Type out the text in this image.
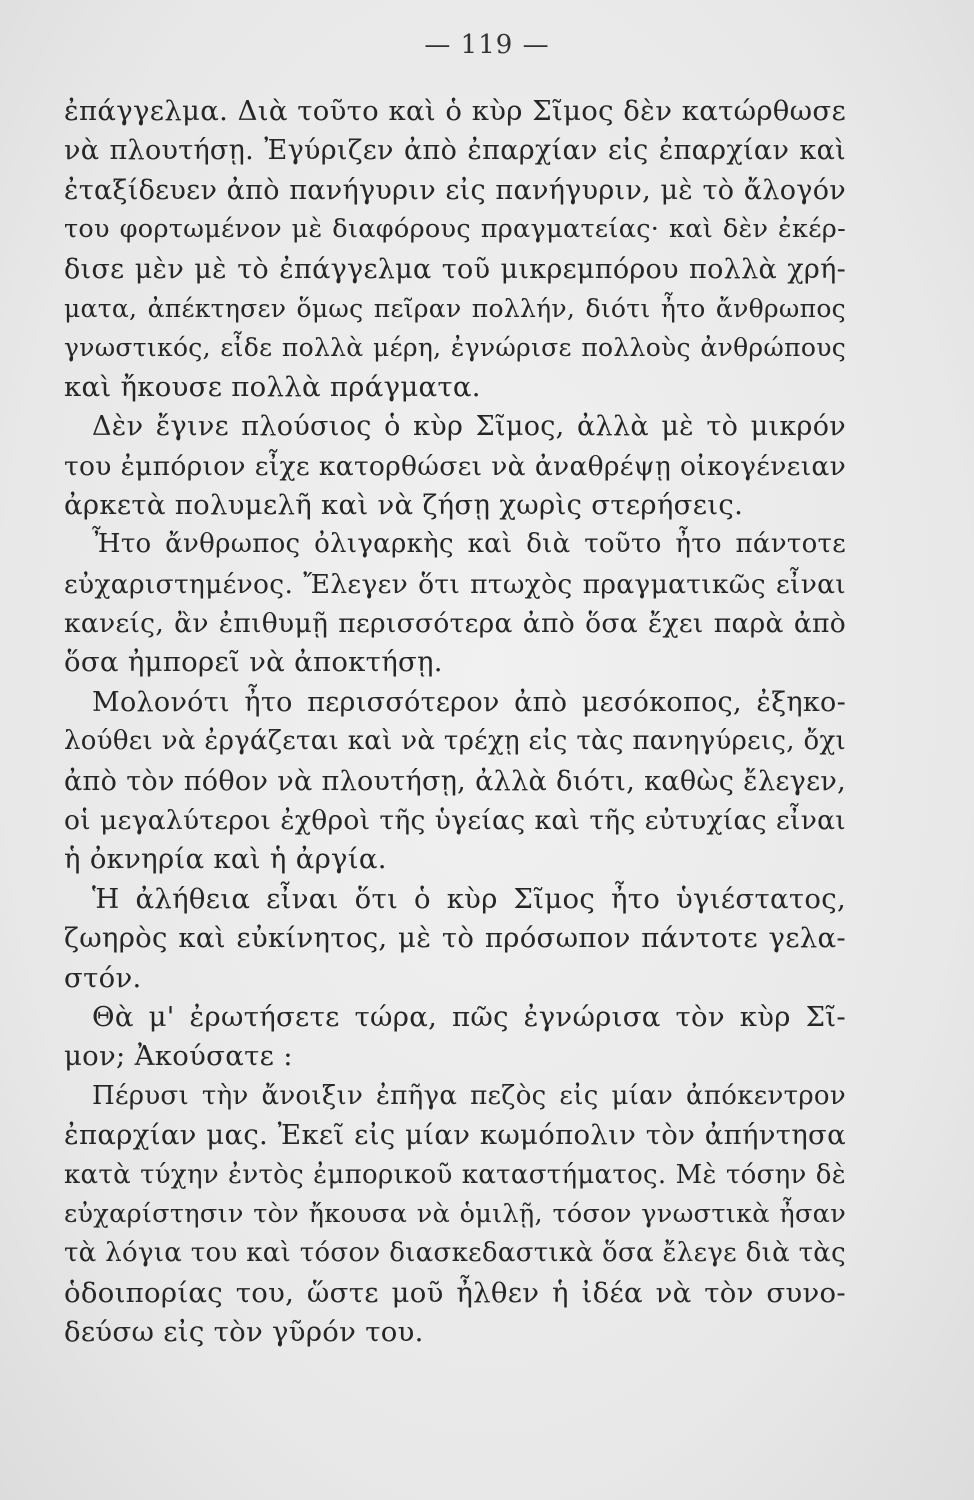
— 119 —
ἐπάγγελμα. Διὰ τοῦτο καὶ ὁ κὺρ Σῖμος δὲν κατώρθωσε
νὰ πλουτήσῃ. Ἐγύριζεν ἀπὸ ἐπαρχίαν εἰς ἐπαρχίαν καὶ
ἐταξίδευεν ἀπὸ πανήγυριν εἰς πανήγυριν, μὲ τὸ ἄλογόν
του φορτωμένον μὲ διαφόρους πραγματείας· καὶ δὲν ἐκέρ-
δισε μὲν μὲ τὸ ἐπάγγελμα τοῦ μικρεμπόρου πολλὰ χρή-
ματα, ἀπέκτησεν ὅμως πεῖραν πολλήν, διότι ἦτο ἄνθρωπος
γνωστικός, εἶδε πολλὰ μέρη, ἐγνώρισε πολλοὺς ἀνθρώπους
καὶ ἤκουσε πολλὰ πράγματα.
Δὲν ἔγινε πλούσιος ὁ κὺρ Σῖμος, ἀλλὰ μὲ τὸ μικρόν
του ἐμπόριον εἶχε κατορθώσει νὰ ἀναθρέψῃ οἰκογένειαν
ἀρκετὰ πολυμελῆ καὶ νὰ ζήσῃ χωρὶς στερήσεις.
Ἦτο ἄνθρωπος ὀλιγαρκὴς καὶ διὰ τοῦτο ἦτο πάντοτε
εὐχαριστημένος. Ἔλεγεν ὅτι πτωχὸς πραγματικῶς εἶναι
κανείς, ἂν ἐπιθυμῇ περισσότερα ἀπὸ ὅσα ἔχει παρὰ ἀπὸ
ὅσα ἠμπορεῖ νὰ ἀποκτήσῃ.
Μολονότι ἦτο περισσότερον ἀπὸ μεσόκοπος, ἐξηκο-
λούθει νὰ ἐργάζεται καὶ νὰ τρέχῃ εἰς τὰς πανηγύρεις, ὄχι
ἀπὸ τὸν πόθον νὰ πλουτήσῃ, ἀλλὰ διότι, καθὼς ἔλεγεν,
οἱ μεγαλύτεροι ἐχθροὶ τῆς ὑγείας καὶ τῆς εὐτυχίας εἶναι
ἡ ὀκνηρία καὶ ἡ ἀργία.
Ἡ ἀλήθεια εἶναι ὅτι ὁ κὺρ Σῖμος ἦτο ὑγιέστατος,
ζωηρὸς καὶ εὐκίνητος, μὲ τὸ πρόσωπον πάντοτε γελα-
στόν.
Θὰ μ' ἐρωτήσετε τώρα, πῶς ἐγνώρισα τὸν κὺρ Σῖ-
μον; Ἀκούσατε :
Πέρυσι τὴν ἄνοιξιν ἐπῆγα πεζὸς εἰς μίαν ἀπόκεντρον
ἐπαρχίαν μας. Ἐκεῖ εἰς μίαν κωμόπολιν τὸν ἀπήντησα
κατὰ τύχην ἐντὸς ἐμπορικοῦ καταστήματος. Μὲ τόσην δὲ
εὐχαρίστησιν τὸν ἤκουσα νὰ ὁμιλῇ, τόσον γνωστικὰ ἦσαν
τὰ λόγια του καὶ τόσον διασκεδαστικὰ ὅσα ἔλεγε διὰ τὰς
ὁδοιπορίας του, ὥστε μοῦ ἦλθεν ἡ ἰδέα νὰ τὸν συνο-
δεύσω εἰς τὸν γῦρόν του.
